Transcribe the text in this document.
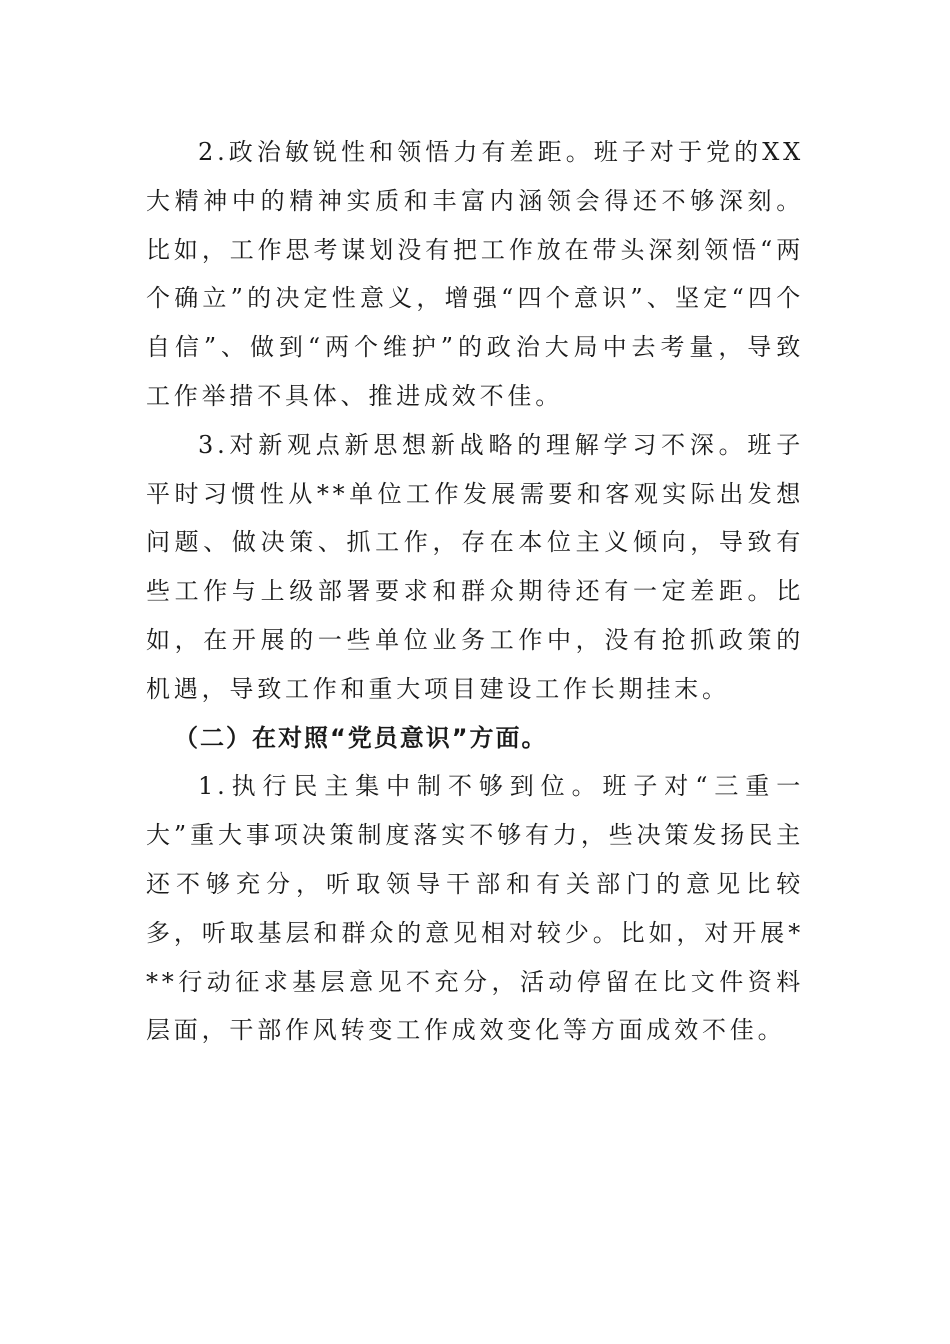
2.政治敏锐性和领悟力有差距。班子对于党的XX大精神中的精神实质和丰富内涵领会得还不够深刻。比如，工作思考谋划没有把工作放在带头深刻领悟“两个确立”的决定性意义，增强“四个意识”、坚定“四个自信”、做到“两个维护”的政治大局中去考量，导致工作举措不具体、推进成效不佳。

3.对新观点新思想新战略的理解学习不深。班子平时习惯性从**单位工作发展需要和客观实际出发想问题、做决策、抓工作，存在本位主义倾向，导致有些工作与上级部署要求和群众期待还有一定差距。比如，在开展的一些单位业务工作中，没有抢抓政策的机遇，导致工作和重大项目建设工作长期挂末。

（二）在对照“党员意识”方面。

1.执行民主集中制不够到位。班子对“三重一大”重大事项决策制度落实不够有力，些决策发扬民主还不够充分，听取领导干部和有关部门的意见比较多，听取基层和群众的意见相对较少。比如，对开展***行动征求基层意见不充分，活动停留在比文件资料层面，干部作风转变工作成效变化等方面成效不佳。
